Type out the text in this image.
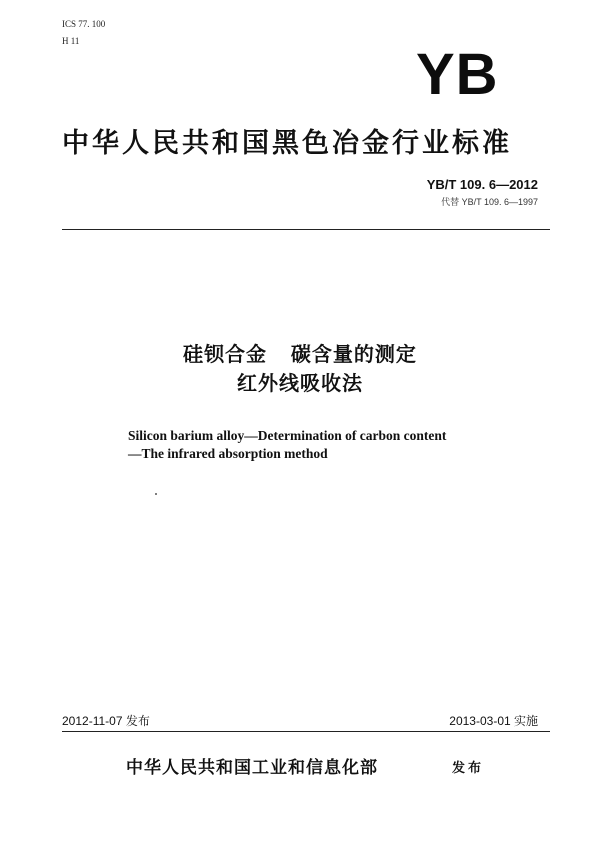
ICS 77. 100
H 11
YB
中华人民共和国黑色冶金行业标准
YB/T 109. 6—2012
代替 YB/T 109. 6—1997
硅钡合金   碳含量的测定
红外线吸收法
Silicon barium alloy—Determination of carbon content
—The infrared absorption method
2012-11-07 发布	2013-03-01 实施
中华人民共和国工业和信息化部	发布
